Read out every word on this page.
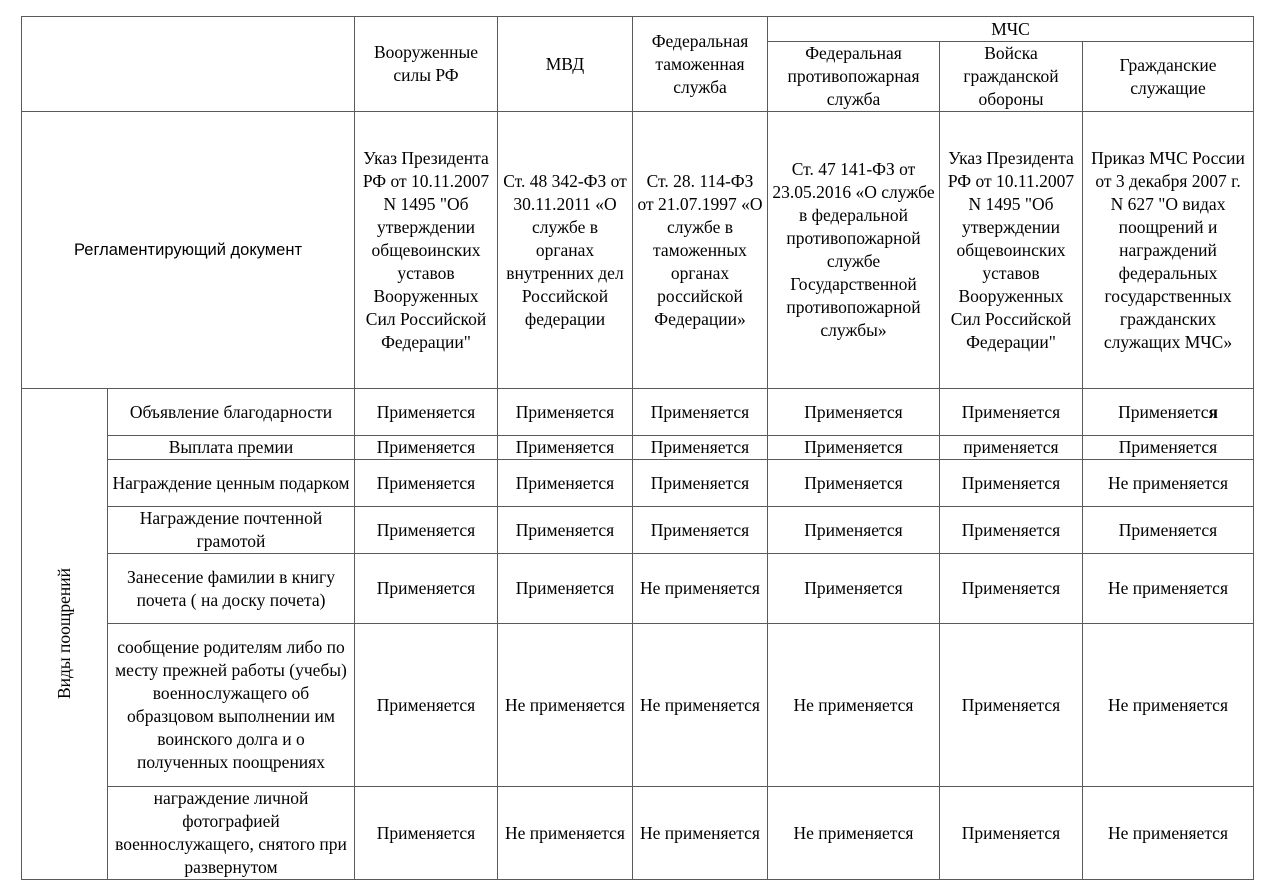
		Вооруженные силы РФ	МВД	Федеральная таможенная служба	МЧС		
					Федеральная противопожарная служба	Войска гражданской обороны	Гражданские служащие
Регламентирующий документ		Указ Президента РФ от 10.11.2007 N 1495 "Об утверждении общевоинских уставов Вооруженных Сил Российской Федерации"	Ст. 48 342-ФЗ от 30.11.2011 «О службе в органах внутренних дел Российской федерации	Ст. 28. 114-ФЗ от 21.07.1997 «О службе в таможенных органах российской Федерации»	Ст. 47 141-ФЗ от 23.05.2016 «О службе в федеральной противопожарной службе Государственной противопожарной службы»	Указ Президента РФ от 10.11.2007 N 1495 "Об утверждении общевоинских уставов Вооруженных Сил Российской Федерации"	Приказ МЧС России от 3 декабря 2007 г. N 627 "О видах поощрений и награждений федеральных государственных гражданских служащих МЧС»

Виды поощрений	Объявление благодарности	Применяется	Применяется	Применяется	Применяется	Применяется	Применяется
	Выплата премии	Применяется	Применяется	Применяется	Применяется	применяется	Применяется
	Награждение ценным подарком	Применяется	Применяется	Применяется	Применяется	Применяется	Не применяется
	Награждение почтенной грамотой	Применяется	Применяется	Применяется	Применяется	Применяется	Применяется
	Занесение фамилии в книгу почета ( на доску почета)	Применяется	Применяется	Не применяется	Применяется	Применяется	Не применяется
	сообщение родителям либо по месту прежней работы (учебы) военнослужащего об образцовом выполнении им воинского долга и о полученных поощрениях	Применяется	Не применяется	Не применяется	Не применяется	Применяется	Не применяется
	награждение личной фотографией военнослужащего, снятого при развернутом	Применяется	Не применяется	Не применяется	Не применяется	Применяется	Не применяется
